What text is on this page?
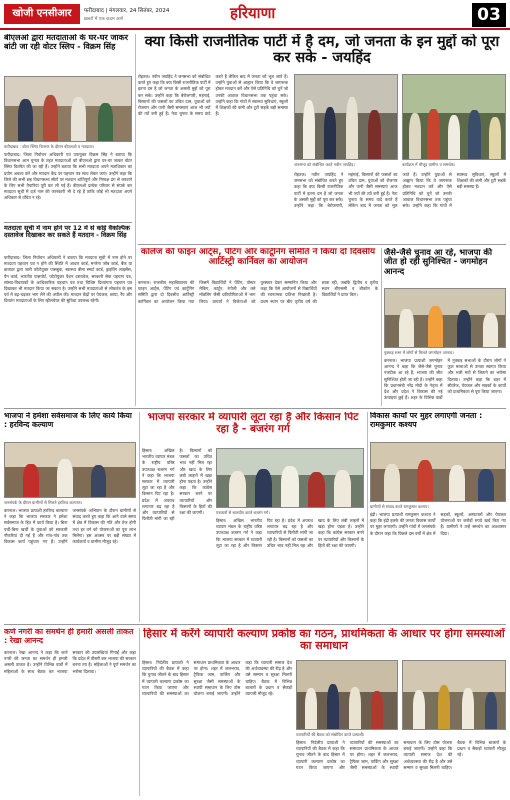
खोजी एनसीआर	फरीदाबाद | मंगलवार, 24 सितंबर, 2024
ख़बरों में एक कदम आगे	हरियाणा	03
बीएलओ द्वारा मतदाताओं के घर-घर जाकर बांटी जा रही वोटर स्लिप - विक्रम सिंह
फरीदाबाद : वोटर स्लिप वितरण के दौरान बीएलओ व मतदाता।
फरीदाबाद। जिला निर्वाचन अधिकारी एवं उपायुक्त विक्रम सिंह ने बताया कि विधानसभा आम चुनाव के तहत मतदाताओं को बीएलओ द्वारा घर-घर जाकर वोटर स्लिप वितरित की जा रही हैं। उन्होंने बताया कि सभी मतदाता अपने मताधिकार का प्रयोग अवश्य करें और मतदान केंद्र पर पहचान पत्र साथ लेकर जाएं। उन्होंने कहा कि जिले की सभी छह विधानसभा सीटों पर मतदान शांतिपूर्ण और निष्पक्ष ढंग से करवाने के लिए सभी तैयारियां पूरी कर ली गई हैं। बीएलओ प्रत्येक परिवार से संपर्क कर मतदाता सूची में दर्ज नाम की जानकारी भी दे रहे हैं ताकि कोई भी मतदाता अपने अधिकार से वंचित न रहे।
मतदाता सूची में नाम होने पर 12 में से कोई वैकल्पिक दस्तावेज दिखाकर कर सकते हैं मतदान - विक्रम सिंह
फरीदाबाद। जिला निर्वाचन अधिकारी ने बताया कि मतदाता सूची में नाम होने पर मतदाता पहचान पत्र न होने की स्थिति में आधार कार्ड, मनरेगा जॉब कार्ड, बैंक या डाकघर द्वारा जारी फोटोयुक्त पासबुक, स्वास्थ्य बीमा स्मार्ट कार्ड, ड्राइविंग लाइसेंस, पैन कार्ड, भारतीय पासपोर्ट, फोटोयुक्त पेंशन दस्तावेज, सरकारी सेवा पहचान पत्र, सांसद-विधायकों के आधिकारिक पहचान पत्र तथा विशिष्ट दिव्यांगता पहचान पत्र दिखाकर भी मतदान किया जा सकता है। उन्होंने सभी मतदाताओं से लोकतंत्र के इस पर्व में बढ़-चढ़कर भाग लेने की अपील की। मतदान केंद्रों पर पेयजल, छाया, रैंप और दिव्यांग मतदाताओं के लिए व्हीलचेयर की सुविधा उपलब्ध रहेगी।
क्या किसी राजनीतिक पार्टी में है दम, जो जनता के इन मुद्दों को पूरा कर सके - जयहिंद
रोहतक। नवीन जयहिंद ने जनसभा को संबोधित करते हुए कहा कि क्या किसी राजनीतिक पार्टी में इतना दम है जो जनता के असली मुद्दों को पूरा कर सके। उन्होंने कहा कि बेरोजगारी, महंगाई, किसानों की फसलों का उचित दाम, युवाओं को रोजगार और पानी जैसी समस्याएं आज भी ज्यों की त्यों बनी हुई हैं। नेता चुनाव के समय वादे करते हैं लेकिन बाद में जनता को भूल जाते हैं। उन्होंने युवाओं से आह्वान किया कि वे जागरूक होकर मतदान करें और ऐसे प्रतिनिधि को चुनें जो उनकी आवाज़ विधानसभा तक पहुंचा सके। उन्होंने कहा कि गांवों में स्वास्थ्य सुविधाएं, स्कूलों में शिक्षकों की कमी और टूटी सड़कें बड़ी समस्या हैं।
जनसभा को संबोधित करते नवीन जयहिंद।	कार्यक्रम में मौजूद ग्रामीण व समर्थक।
रोहतक। नवीन जयहिंद ने जनसभा को संबोधित करते हुए कहा कि क्या किसी राजनीतिक पार्टी में इतना दम है जो जनता के असली मुद्दों को पूरा कर सके। उन्होंने कहा कि बेरोजगारी, महंगाई, किसानों की फसलों का उचित दाम, युवाओं को रोजगार और पानी जैसी समस्याएं आज भी ज्यों की त्यों बनी हुई हैं। नेता चुनाव के समय वादे करते हैं लेकिन बाद में जनता को भूल जाते हैं। उन्होंने युवाओं से आह्वान किया कि वे जागरूक होकर मतदान करें और ऐसे प्रतिनिधि को चुनें जो उनकी आवाज़ विधानसभा तक पहुंचा सके। उन्होंने कहा कि गांवों में स्वास्थ्य सुविधाएं, स्कूलों में शिक्षकों की कमी और टूटी सड़कें बड़ी समस्या हैं।
कॉलेज की फाइन आर्ट्स, पेंटिंग और कार्टूनिंग समिति ने किया दो दिवसीय आर्टिस्ट्री कार्निवल का आयोजन
करनाल। राजकीय महाविद्यालय की फाइन आर्ट्स, पेंटिंग एवं कार्टूनिंग समिति द्वारा दो दिवसीय आर्टिस्ट्री कार्निवल का आयोजन किया गया जिसमें विद्यार्थियों ने पेंटिंग, पोस्टर मेकिंग, कार्टून, रंगोली और क्ले मॉडलिंग जैसी प्रतियोगिताओं में भाग लिया। प्राचार्य ने विजेताओं को पुरस्कार देकर सम्मानित किया और कहा कि ऐसे आयोजनों से विद्यार्थियों की रचनात्मक प्रतिभा निखरती है। प्रथम स्थान पर बीए तृतीय वर्ष की छात्रा रही, जबकि द्वितीय व तृतीय स्थान बीएससी व बीकॉम के विद्यार्थियों ने प्राप्त किए।
जैसे-जैसे चुनाव आ रहे, भाजपा की जीत हो रही सुनिश्चित - जगमोहन आनन्द
नुक्कड़ सभा में लोगों से मिलते जगमोहन आनन्द।
करनाल। भाजपा प्रत्याशी जगमोहन आनन्द ने कहा कि जैसे-जैसे चुनाव नजदीक आ रहे हैं, भाजपा की जीत सुनिश्चित होती जा रही है। उन्होंने कहा कि प्रधानमंत्री नरेंद्र मोदी के नेतृत्व में देश और प्रदेश ने विकास की नई ऊंचाइयां छुई हैं। शहर के विभिन्न वार्डों में नुक्कड़ सभाओं के दौरान लोगों ने फूल मालाओं से उनका स्वागत किया और भारी मतों से जिताने का भरोसा दिलाया। उन्होंने कहा कि शहर में सीवरेज, पेयजल और सड़कों के कार्यों को प्राथमिकता से पूरा किया जाएगा।
भाजपा ने हमेशा सर्वसमाज के लिए कार्य किया : हरविन्द कल्याण
जनसंपर्क के दौरान ग्रामीणों से मिलते हरविन्द कल्याण।
करनाल। भाजपा प्रत्याशी हरविन्द कल्याण ने कहा कि भाजपा सरकार ने हमेशा सर्वसमाज के हित में कार्य किया है। बिना पर्ची-बिना खर्ची के युवाओं को सरकारी नौकरियां दी गई हैं और गांव-गांव तक विकास कार्य पहुंचाए गए हैं। उन्होंने जनसंपर्क अभियान के दौरान ग्रामीणों से संवाद करते हुए कहा कि आने वाले समय में क्षेत्र में विकास की गति और तेज होगी तथा हर वर्ग को योजनाओं का पूरा लाभ मिलेगा। इस अवसर पर बड़ी संख्या में कार्यकर्ता व ग्रामीण मौजूद रहे।
भाजपा सरकार में व्यापारी लूटा रहा है और किसान पिट रहा है - बजरंग गर्ग
हिसार। अखिल भारतीय व्यापार मंडल के राष्ट्रीय वरिष्ठ उपाध्यक्ष बजरंग गर्ग ने कहा कि भाजपा सरकार में व्यापारी लूटा जा रहा है और किसान पिट रहा है। प्रदेश में अपराध लगातार बढ़ रहा है और व्यापारियों से फिरौती मांगी जा रही है। किसानों को फसलों का उचित भाव नहीं मिल रहा और खाद के लिए लंबी लाइनों में खड़ा होना पड़ता है। उन्होंने कहा कि कांग्रेस सरकार बनने पर व्यापारियों और किसानों के हितों की रक्षा की जाएगी।	पत्रकारों से बातचीत करते बजरंग गर्ग।
हिसार। अखिल भारतीय व्यापार मंडल के राष्ट्रीय वरिष्ठ उपाध्यक्ष बजरंग गर्ग ने कहा कि भाजपा सरकार में व्यापारी लूटा जा रहा है और किसान पिट रहा है। प्रदेश में अपराध लगातार बढ़ रहा है और व्यापारियों से फिरौती मांगी जा रही है। किसानों को फसलों का उचित भाव नहीं मिल रहा और खाद के लिए लंबी लाइनों में खड़ा होना पड़ता है। उन्होंने कहा कि कांग्रेस सरकार बनने पर व्यापारियों और किसानों के हितों की रक्षा की जाएगी।
विकास कार्यों पर मुहर लगाएगी जनता : रामकुमार कश्यप
ग्रामीणों से संवाद करते रामकुमार कश्यप।
इंद्री। भाजपा प्रत्याशी रामकुमार कश्यप ने कहा कि इंद्री हलके की जनता विकास कार्यों पर मुहर लगाएगी। उन्होंने गांवों में जनसंपर्क के दौरान कहा कि पिछले दस वर्षों में क्षेत्र में सड़कों, स्कूलों, अस्पतालों और पेयजल योजनाओं पर करोड़ों रुपये खर्च किए गए हैं। ग्रामीणों ने उन्हें समर्थन का आश्वासन दिया।
कर्ण नगरी का समर्थन ही हमारी असली ताकत : रेखा आनन्द
करनाल। रेखा आनन्द ने कहा कि कर्ण नगरी की जनता का समर्थन ही हमारी असली ताकत है। उन्होंने विभिन्न वार्डों में महिलाओं के साथ बैठक कर भाजपा सरकार की उपलब्धियां गिनाईं और कहा कि प्रदेश में तीसरी बार भाजपा की सरकार बनना तय है। महिलाओं ने पूर्ण समर्थन का भरोसा दिलाया।
हिसार में करेंगे व्यापारी कल्याण प्रकोष्ठ का गठन, प्राथमिकता के आधार पर होगा समस्याओं का समाधान
हिसार। निर्दलीय प्रत्याशी ने व्यापारियों की बैठक में कहा कि चुनाव जीतने के बाद हिसार में व्यापारी कल्याण प्रकोष्ठ का गठन किया जाएगा और व्यापारियों की समस्याओं का समाधान प्राथमिकता के आधार पर होगा। शहर में जलभराव, ट्रैफिक जाम, पार्किंग और सुरक्षा जैसी समस्याओं के स्थायी समाधान के लिए ठोस योजना बनाई जाएगी। उन्होंने कहा कि व्यापारी समाज देश की अर्थव्यवस्था की रीढ़ है और उसे सम्मान व सुरक्षा मिलनी चाहिए। बैठक में विभिन्न बाजारों के प्रधान व सैकड़ों व्यापारी मौजूद रहे।
व्यापारियों की बैठक को संबोधित करते प्रत्याशी।
हिसार। निर्दलीय प्रत्याशी ने व्यापारियों की बैठक में कहा कि चुनाव जीतने के बाद हिसार में व्यापारी कल्याण प्रकोष्ठ का गठन किया जाएगा और व्यापारियों की समस्याओं का समाधान प्राथमिकता के आधार पर होगा। शहर में जलभराव, ट्रैफिक जाम, पार्किंग और सुरक्षा जैसी समस्याओं के स्थायी समाधान के लिए ठोस योजना बनाई जाएगी। उन्होंने कहा कि व्यापारी समाज देश की अर्थव्यवस्था की रीढ़ है और उसे सम्मान व सुरक्षा मिलनी चाहिए। बैठक में विभिन्न बाजारों के प्रधान व सैकड़ों व्यापारी मौजूद रहे।
